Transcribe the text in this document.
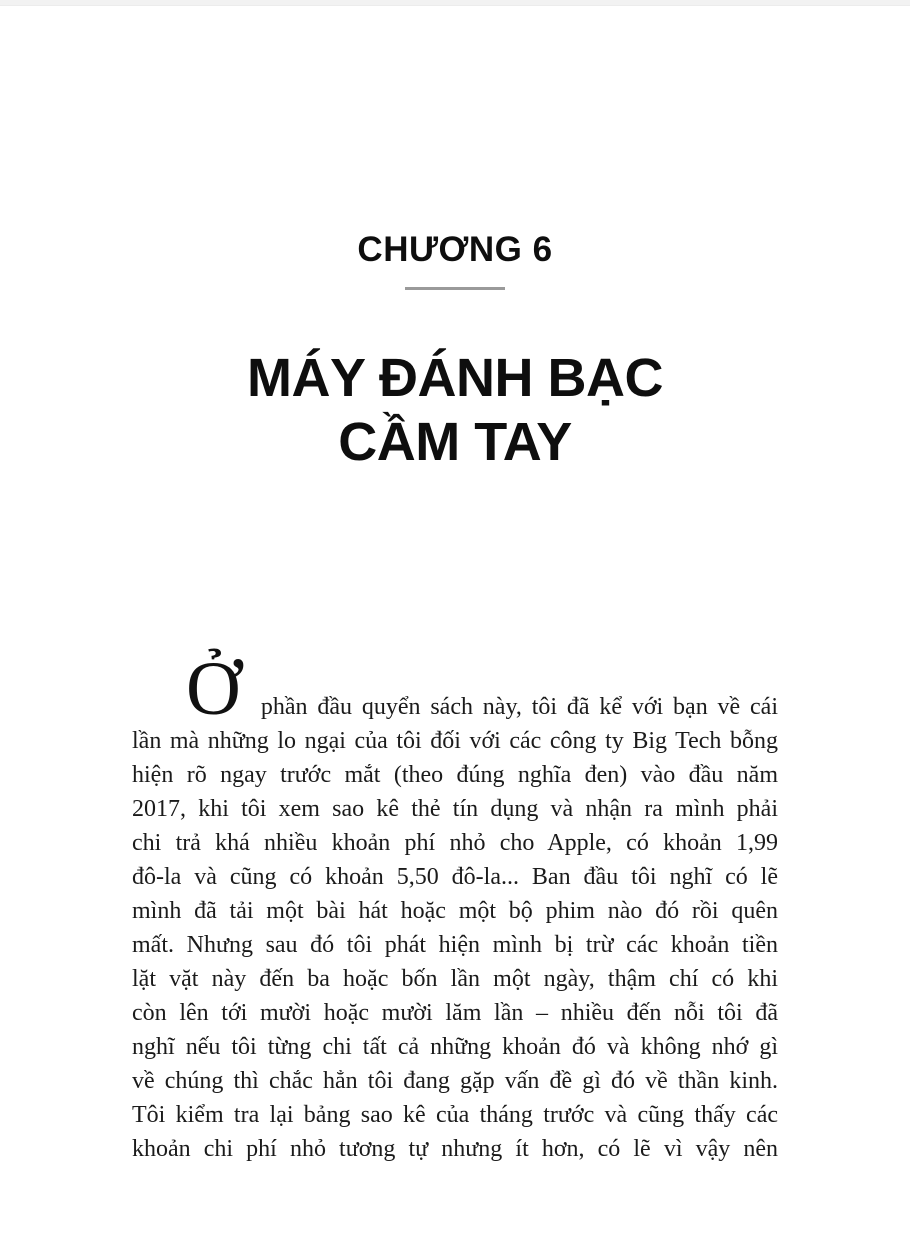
CHƯƠNG 6
MÁY ĐÁNH BẠC
CẦM TAY
Ởphần đầu quyển sách này, tôi đã kể với bạn về cái
lần mà những lo ngại của tôi đối với các công ty Big Tech bỗng
hiện rõ ngay trước mắt (theo đúng nghĩa đen) vào đầu năm
2017, khi tôi xem sao kê thẻ tín dụng và nhận ra mình phải
chi trả khá nhiều khoản phí nhỏ cho Apple, có khoản 1,99
đô-la và cũng có khoản 5,50 đô-la... Ban đầu tôi nghĩ có lẽ
mình đã tải một bài hát hoặc một bộ phim nào đó rồi quên
mất. Nhưng sau đó tôi phát hiện mình bị trừ các khoản tiền
lặt vặt này đến ba hoặc bốn lần một ngày, thậm chí có khi
còn lên tới mười hoặc mười lăm lần – nhiều đến nỗi tôi đã
nghĩ nếu tôi từng chi tất cả những khoản đó và không nhớ gì
về chúng thì chắc hẳn tôi đang gặp vấn đề gì đó về thần kinh.
Tôi kiểm tra lại bảng sao kê của tháng trước và cũng thấy các
khoản chi phí nhỏ tương tự nhưng ít hơn, có lẽ vì vậy nên
